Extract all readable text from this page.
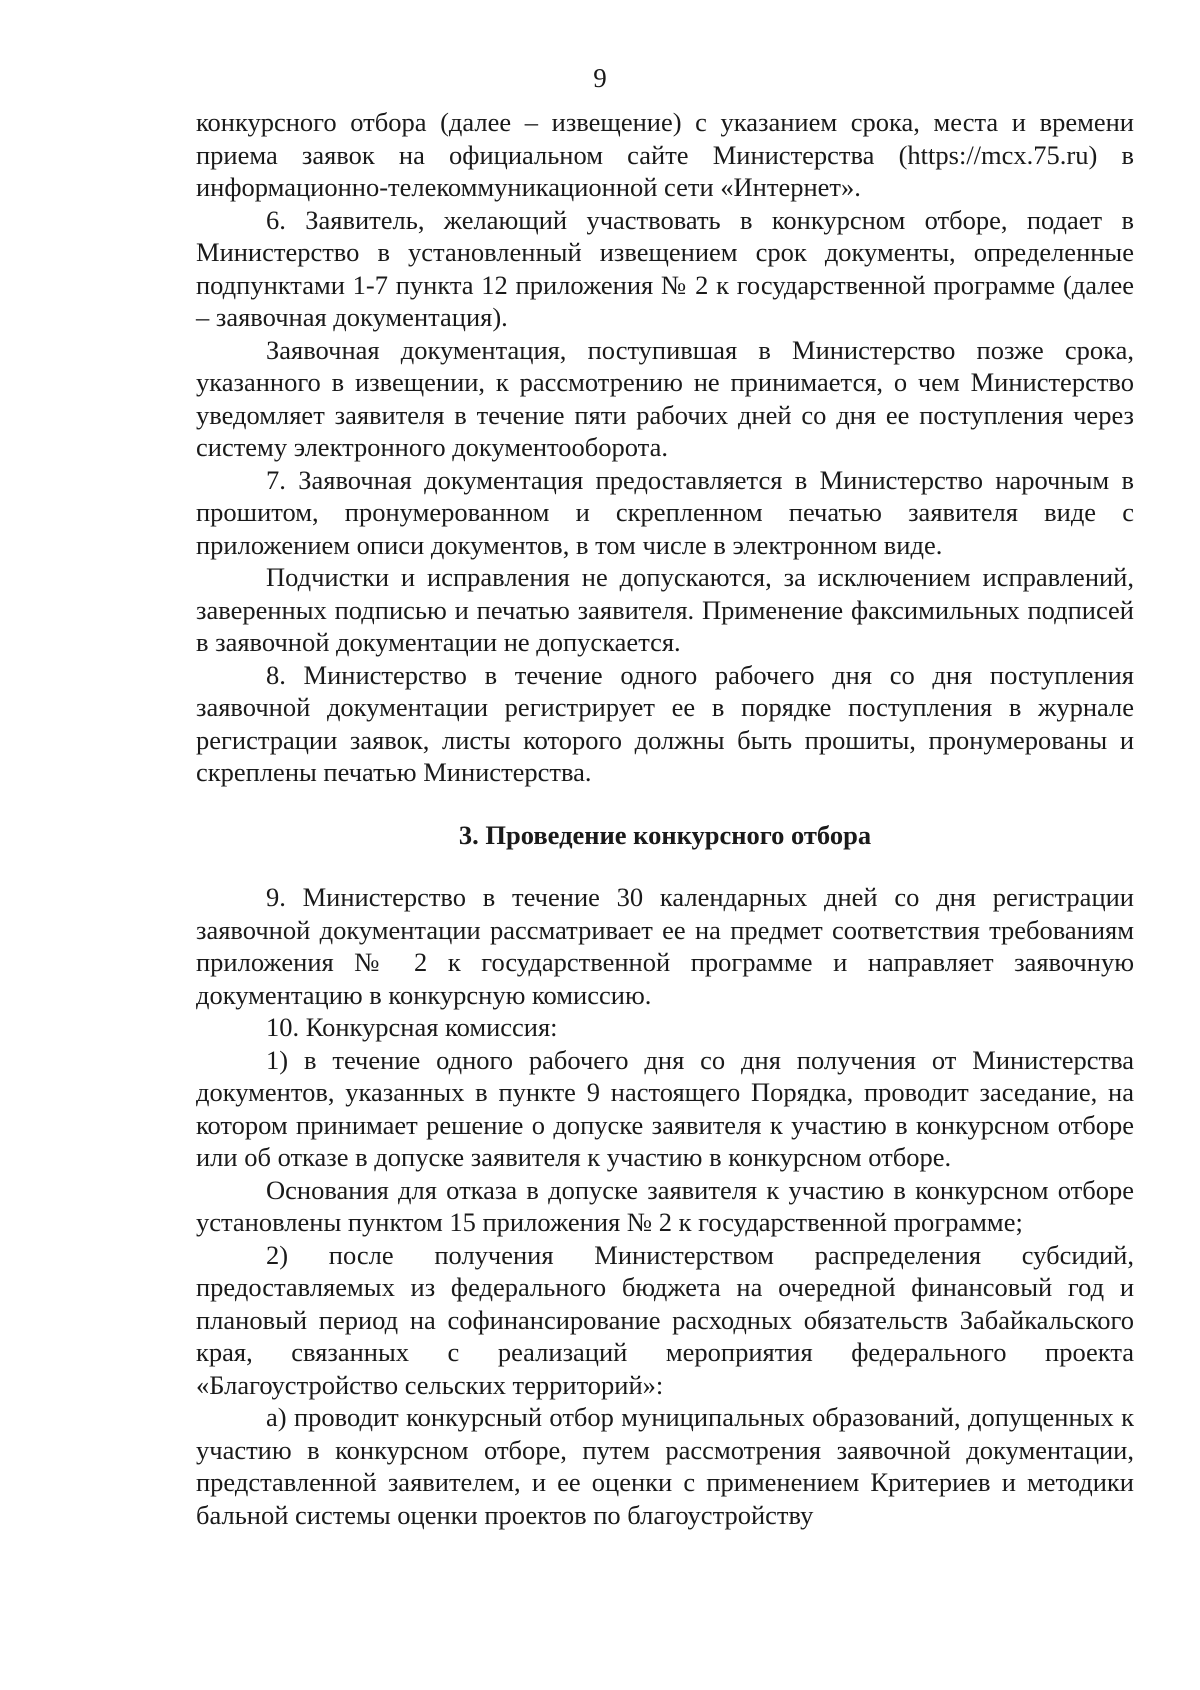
9

конкурсного отбора (далее – извещение) с указанием срока, места и времени приема заявок на официальном сайте Министерства (https://mcx.75.ru) в информационно-телекоммуникационной сети «Интернет».

6. Заявитель, желающий участвовать в конкурсном отборе, подает в Министерство в установленный извещением срок документы, определенные подпунктами 1-7 пункта 12 приложения № 2 к государственной программе (далее – заявочная документация).

Заявочная документация, поступившая в Министерство позже срока, указанного в извещении, к рассмотрению не принимается, о чем Министерство уведомляет заявителя в течение пяти рабочих дней со дня ее поступления через систему электронного документооборота.

7. Заявочная документация предоставляется в Министерство нарочным в прошитом, пронумерованном и скрепленном печатью заявителя виде с приложением описи документов, в том числе в электронном виде.

Подчистки и исправления не допускаются, за исключением исправлений, заверенных подписью и печатью заявителя. Применение факсимильных подписей в заявочной документации не допускается.

8. Министерство в течение одного рабочего дня со дня поступления заявочной документации регистрирует ее в порядке поступления в журнале регистрации заявок, листы которого должны быть прошиты, пронумерованы и скреплены печатью Министерства.

3. Проведение конкурсного отбора

9. Министерство в течение 30 календарных дней со дня регистрации заявочной документации рассматривает ее на предмет соответствия требованиям приложения № 2 к государственной программе и направляет заявочную документацию в конкурсную комиссию.

10. Конкурсная комиссия:

1) в течение одного рабочего дня со дня получения от Министерства документов, указанных в пункте 9 настоящего Порядка, проводит заседание, на котором принимает решение о допуске заявителя к участию в конкурсном отборе или об отказе в допуске заявителя к участию в конкурсном отборе.

Основания для отказа в допуске заявителя к участию в конкурсном отборе установлены пунктом 15 приложения № 2 к государственной программе;

2) после получения Министерством распределения субсидий, предоставляемых из федерального бюджета на очередной финансовый год и плановый период на софинансирование расходных обязательств Забайкальского края, связанных с реализаций мероприятия федерального проекта «Благоустройство сельских территорий»:

а) проводит конкурсный отбор муниципальных образований, допущенных к участию в конкурсном отборе, путем рассмотрения заявочной документации, представленной заявителем, и ее оценки с применением Критериев и методики бальной системы оценки проектов по благоустройству
